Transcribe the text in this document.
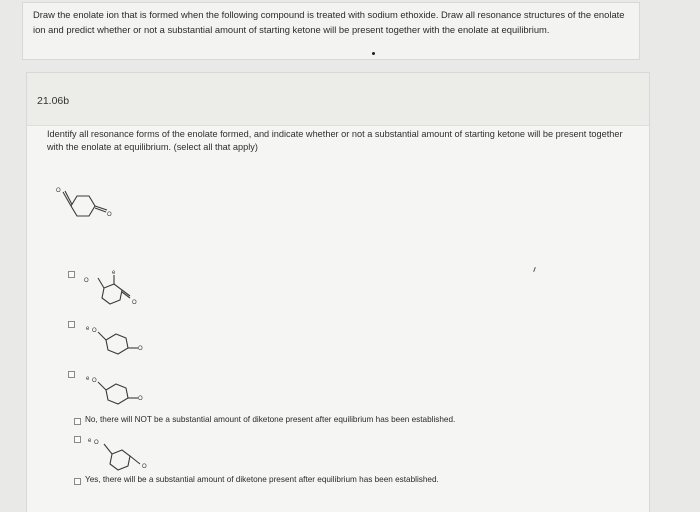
Draw the enolate ion that is formed when the following compound is treated with sodium ethoxide. Draw all resonance structures of the enolate ion and predict whether or not a substantial amount of starting ketone will be present together with the enolate at equilibrium.
21.06b
Identify all resonance forms of the enolate formed, and indicate whether or not a substantial amount of starting ketone will be present together with the enolate at equilibrium. (select all that apply)
O
O
O
e
O
e O
O
e O
O
No, there will NOT be a substantial amount of diketone present after equilibrium has been established.
e O
O
Yes, there will be a substantial amount of diketone present after equilibrium has been established.
